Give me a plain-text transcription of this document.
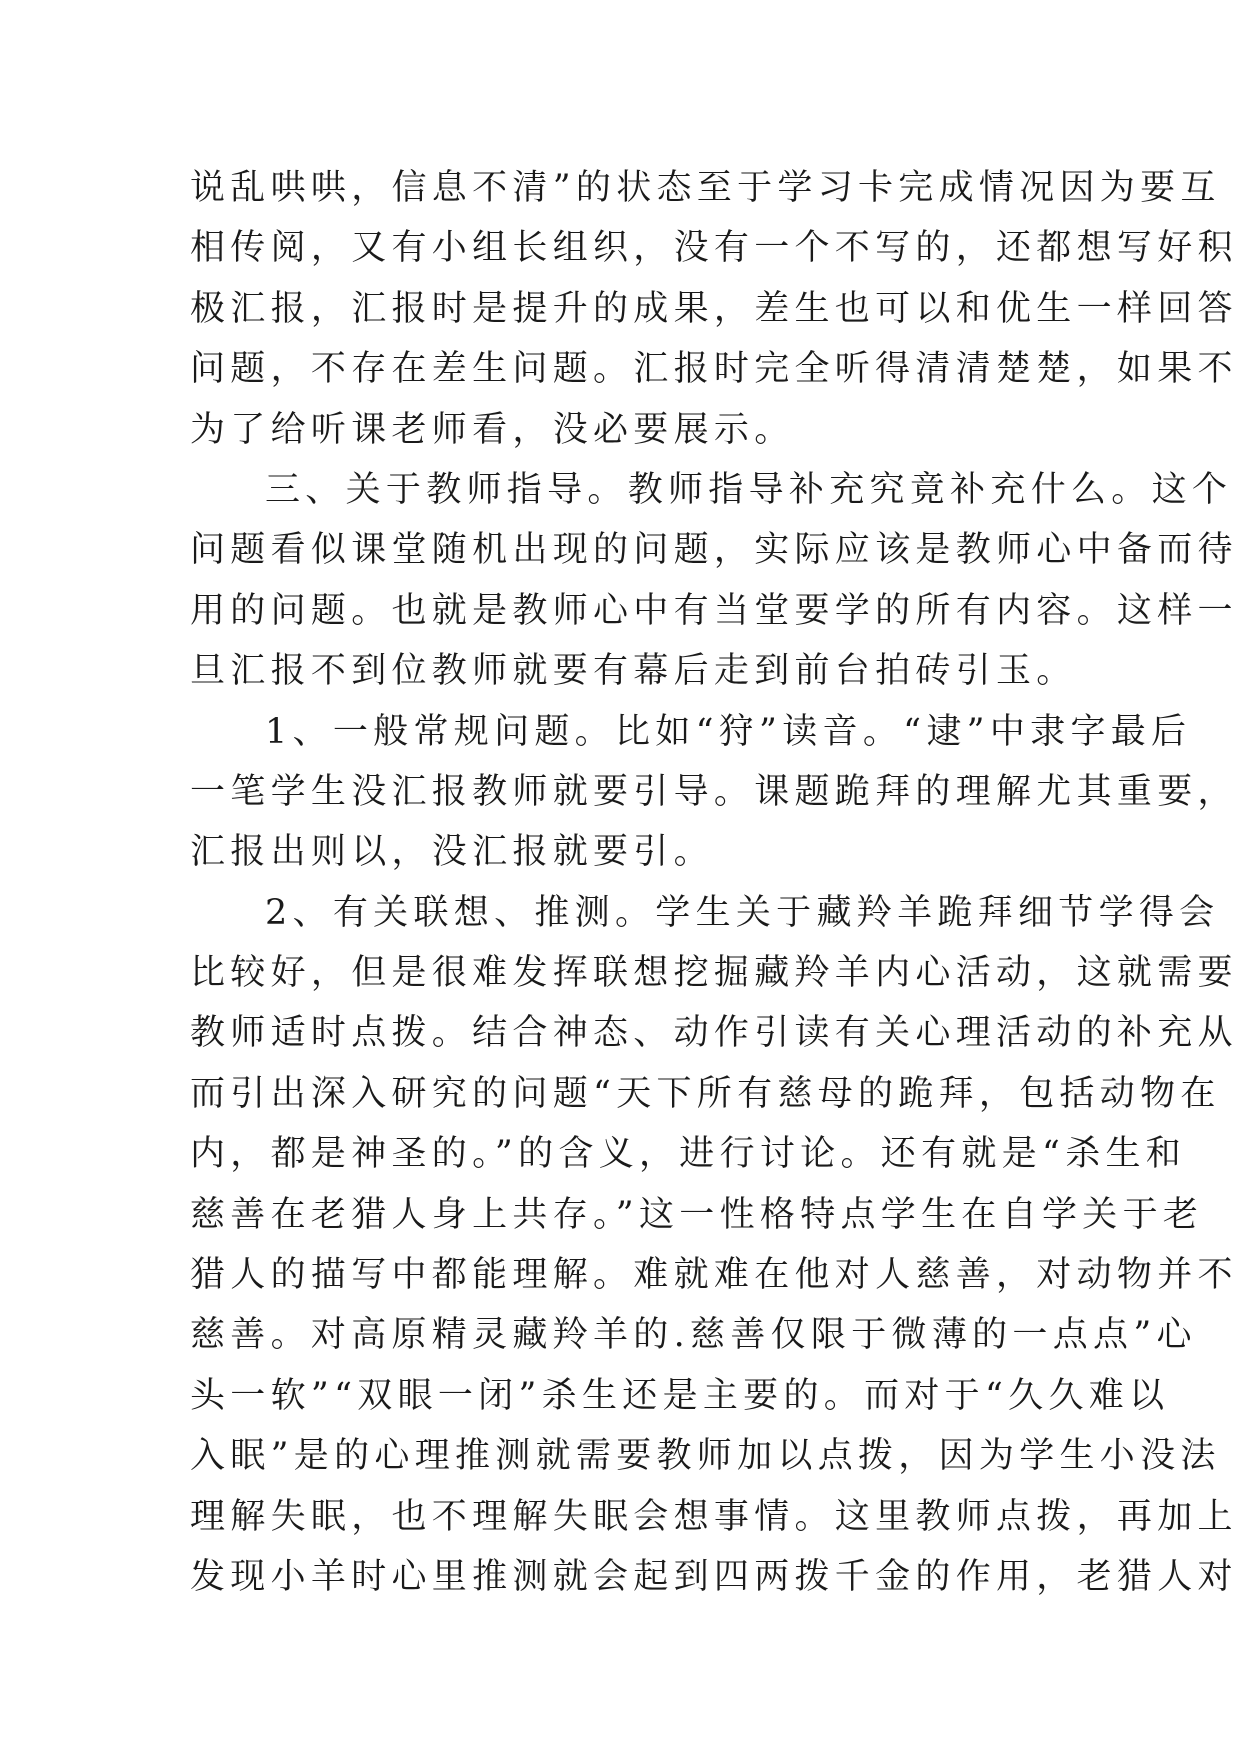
说乱哄哄，信息不清”的状态至于学习卡完成情况因为要互
相传阅，又有小组长组织，没有一个不写的，还都想写好积
极汇报，汇报时是提升的成果，差生也可以和优生一样回答
问题，不存在差生问题。汇报时完全听得清清楚楚，如果不
为了给听课老师看，没必要展示。
三、关于教师指导。教师指导补充究竟补充什么。这个
问题看似课堂随机出现的问题，实际应该是教师心中备而待
用的问题。也就是教师心中有当堂要学的所有内容。这样一
旦汇报不到位教师就要有幕后走到前台拍砖引玉。
1、一般常规问题。比如“狩”读音。“逮”中隶字最后
一笔学生没汇报教师就要引导。课题跪拜的理解尤其重要，
汇报出则以，没汇报就要引。
2、有关联想、推测。学生关于藏羚羊跪拜细节学得会
比较好，但是很难发挥联想挖掘藏羚羊内心活动，这就需要
教师适时点拨。结合神态、动作引读有关心理活动的补充从
而引出深入研究的问题“天下所有慈母的跪拜，包括动物在
内，都是神圣的。”的含义，进行讨论。还有就是“杀生和
慈善在老猎人身上共存。”这一性格特点学生在自学关于老
猎人的描写中都能理解。难就难在他对人慈善，对动物并不
慈善。对高原精灵藏羚羊的.慈善仅限于微薄的一点点”心
头一软”“双眼一闭”杀生还是主要的。而对于“久久难以
入眠”是的心理推测就需要教师加以点拨，因为学生小没法
理解失眠，也不理解失眠会想事情。这里教师点拨，再加上
发现小羊时心里推测就会起到四两拨千金的作用，老猎人对
